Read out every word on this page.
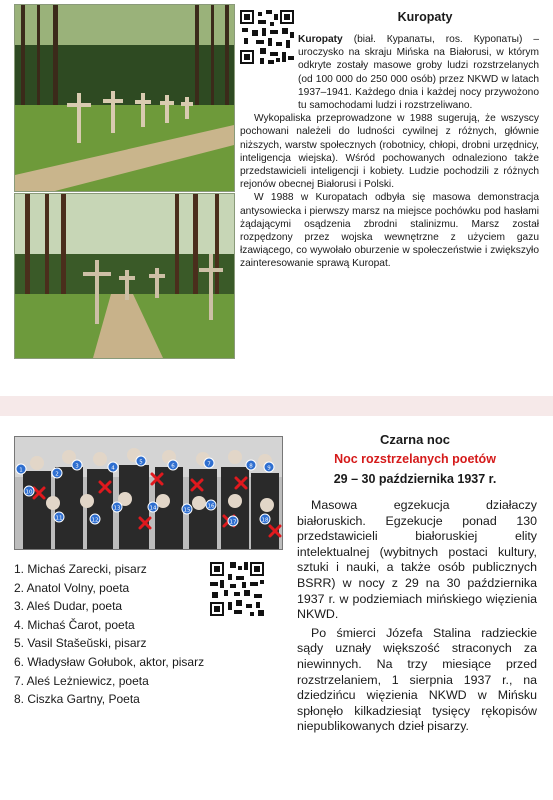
Kuropaty

Kuropaty (biał. Курапаты, ros. Куропаты) – uroczysko na skraju Mińska na Białorusi, w którym odkryte zostały masowe groby ludzi rozstrzelanych (od 100 000 do 250 000 osób) przez NKWD w latach 1937–1941. Każdego dnia i każdej nocy przywożono tu samochodami ludzi i rozstrzeliwano.

Wykopaliska przeprowadzone w 1988 sugerują, że wszyscy pochowani należeli do ludności cywilnej z różnych, głównie niższych, warstw społecznych (robotnicy, chłopi, drobni urzędnicy, inteligencja wiejska). Wśród pochowanych odnaleziono także przedstawicieli inteligencji i kobiety. Ludzie pochodzili z różnych rejonów obecnej Białorusi i Polski.

W 1988 w Kuropatach odbyła się masowa demonstracja antysowiecka i pierwszy marsz na miejsce pochówku pod hasłami żądającymi osądzenia zbrodni stalinizmu. Marsz został rozpędzony przez wojska wewnętrzne z użyciem gazu łzawiącego, co wywołało oburzenie w społeczeństwie i zwiększyło zainteresowanie sprawą Kuropat.

1
2
3	4
5
6	7	8	9
10
11	12
13	14	15
16
17	18
1. Michaś Zarecki, pisarz
2. Anatol Volny, poeta
3. Aleś Dudar, poeta
4. Michaś Čarot, poeta
5. Vasil Stašeŭski, pisarz
6. Władysław Gołubok, aktor, pisarz
7. Aleś Leżniewicz, poeta
8. Ciszka Gartny, Poeta
Czarna noc
Noc rozstrzelanych poetów
29 – 30 października 1937 r.

Masowa egzekucja działaczy białoruskich. Egzekucje ponad 130 przedstawicieli białoruskiej elity intelektualnej (wybitnych postaci kultury, sztuki i nauki, a także osób publicznych BSRR) w nocy z 29 na 30 października 1937 r. w podziemiach mińskiego więzienia NKWD.

Po śmierci Józefa Stalina radzieckie sądy uznały większość straconych za niewinnych. Na trzy miesiące przed rozstrzelaniem, 1 sierpnia 1937 r., na dziedzińcu więzienia NKWD w Mińsku spłonęło kilkadziesiąt tysięcy rękopisów niepublikowanych dzieł pisarzy.
